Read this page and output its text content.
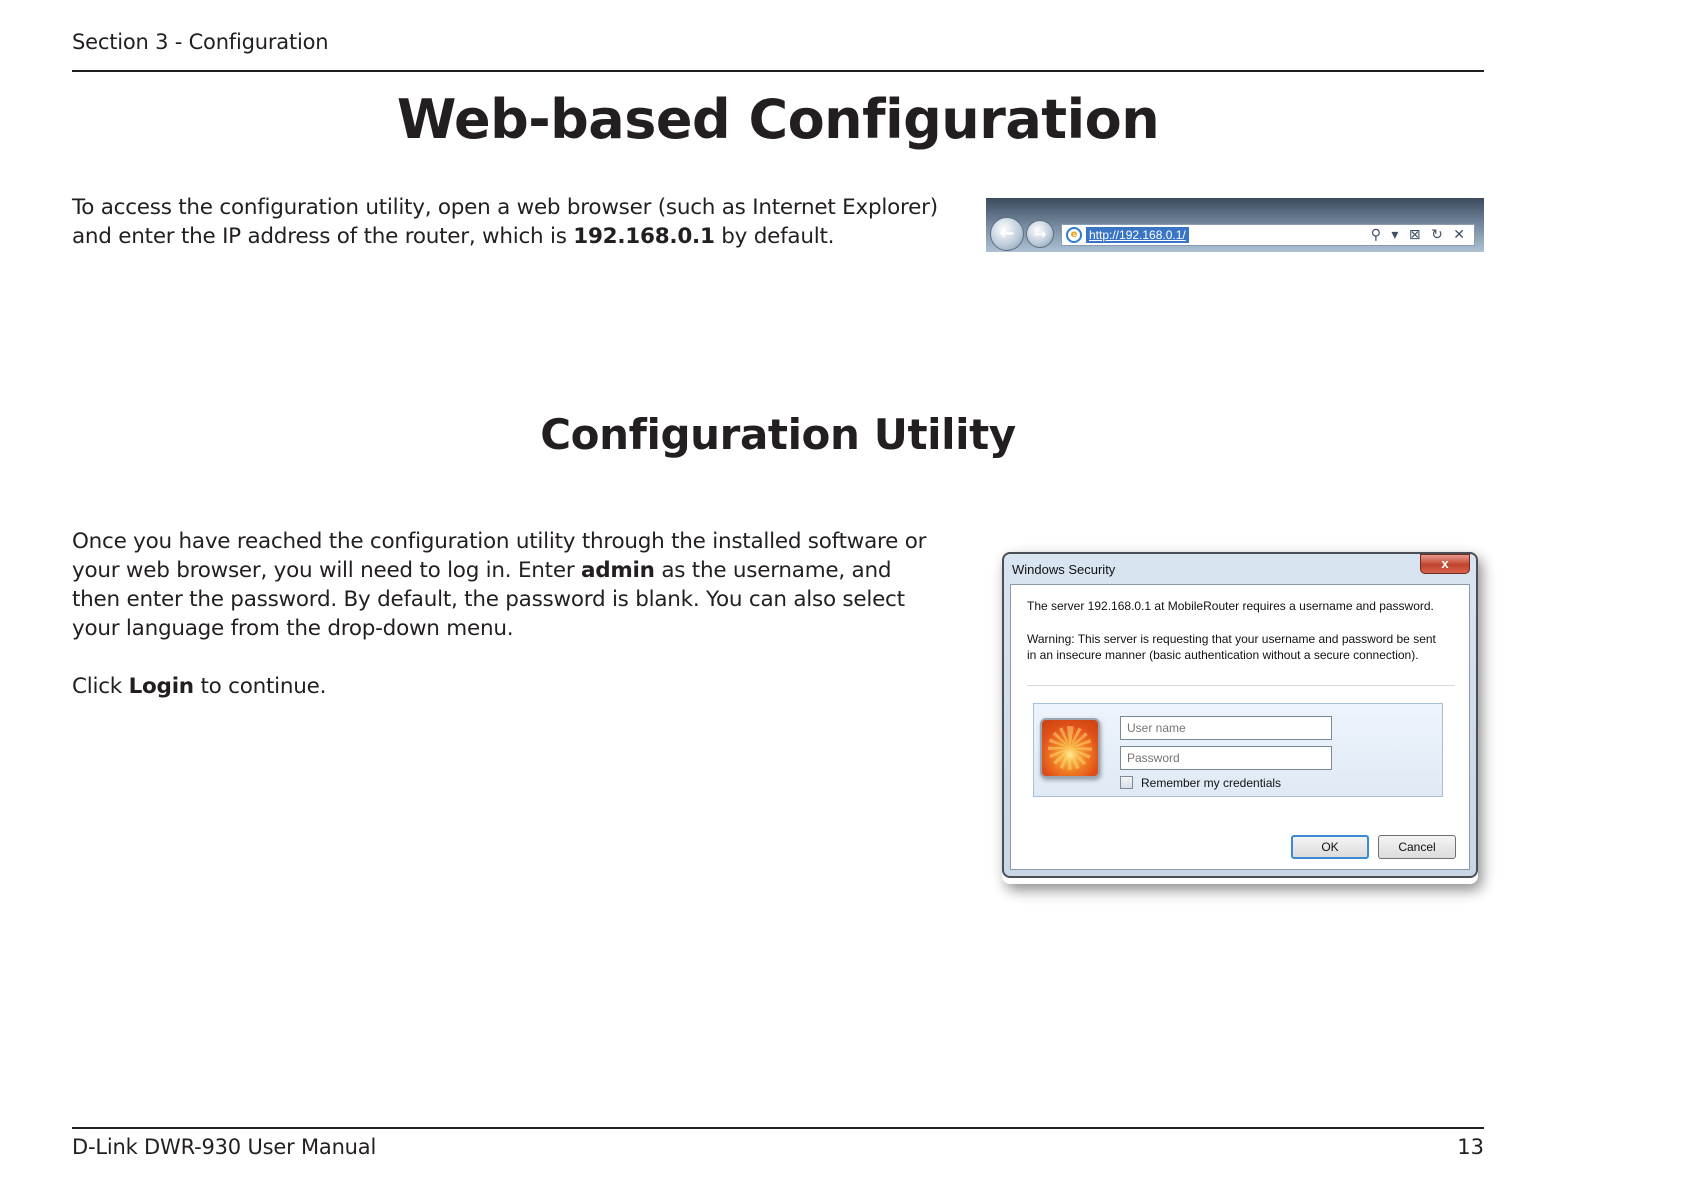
Section 3 - Configuration
Web-based Configuration
To access the configuration utility, open a web browser (such as Internet Explorer) and enter the IP address of the router, which is 192.168.0.1 by default.	←	→	e http://192.168.0.1/	⚲ ▾ ⊠ ↻ ✕
Configuration Utility
Once you have reached the configuration utility through the installed software or your web browser, you will need to log in. Enter admin as the username, and then enter the password. By default, the password is blank. You can also select your language from the drop-down menu.
Click Login to continue.
Windows Security	x
The server 192.168.0.1 at MobileRouter requires a username and password.
Warning: This server is requesting that your username and password be sent in an insecure manner (basic authentication without a secure connection).
User name
Remember my credentials
OK	Cancel
D-Link DWR-930 User Manual	13
